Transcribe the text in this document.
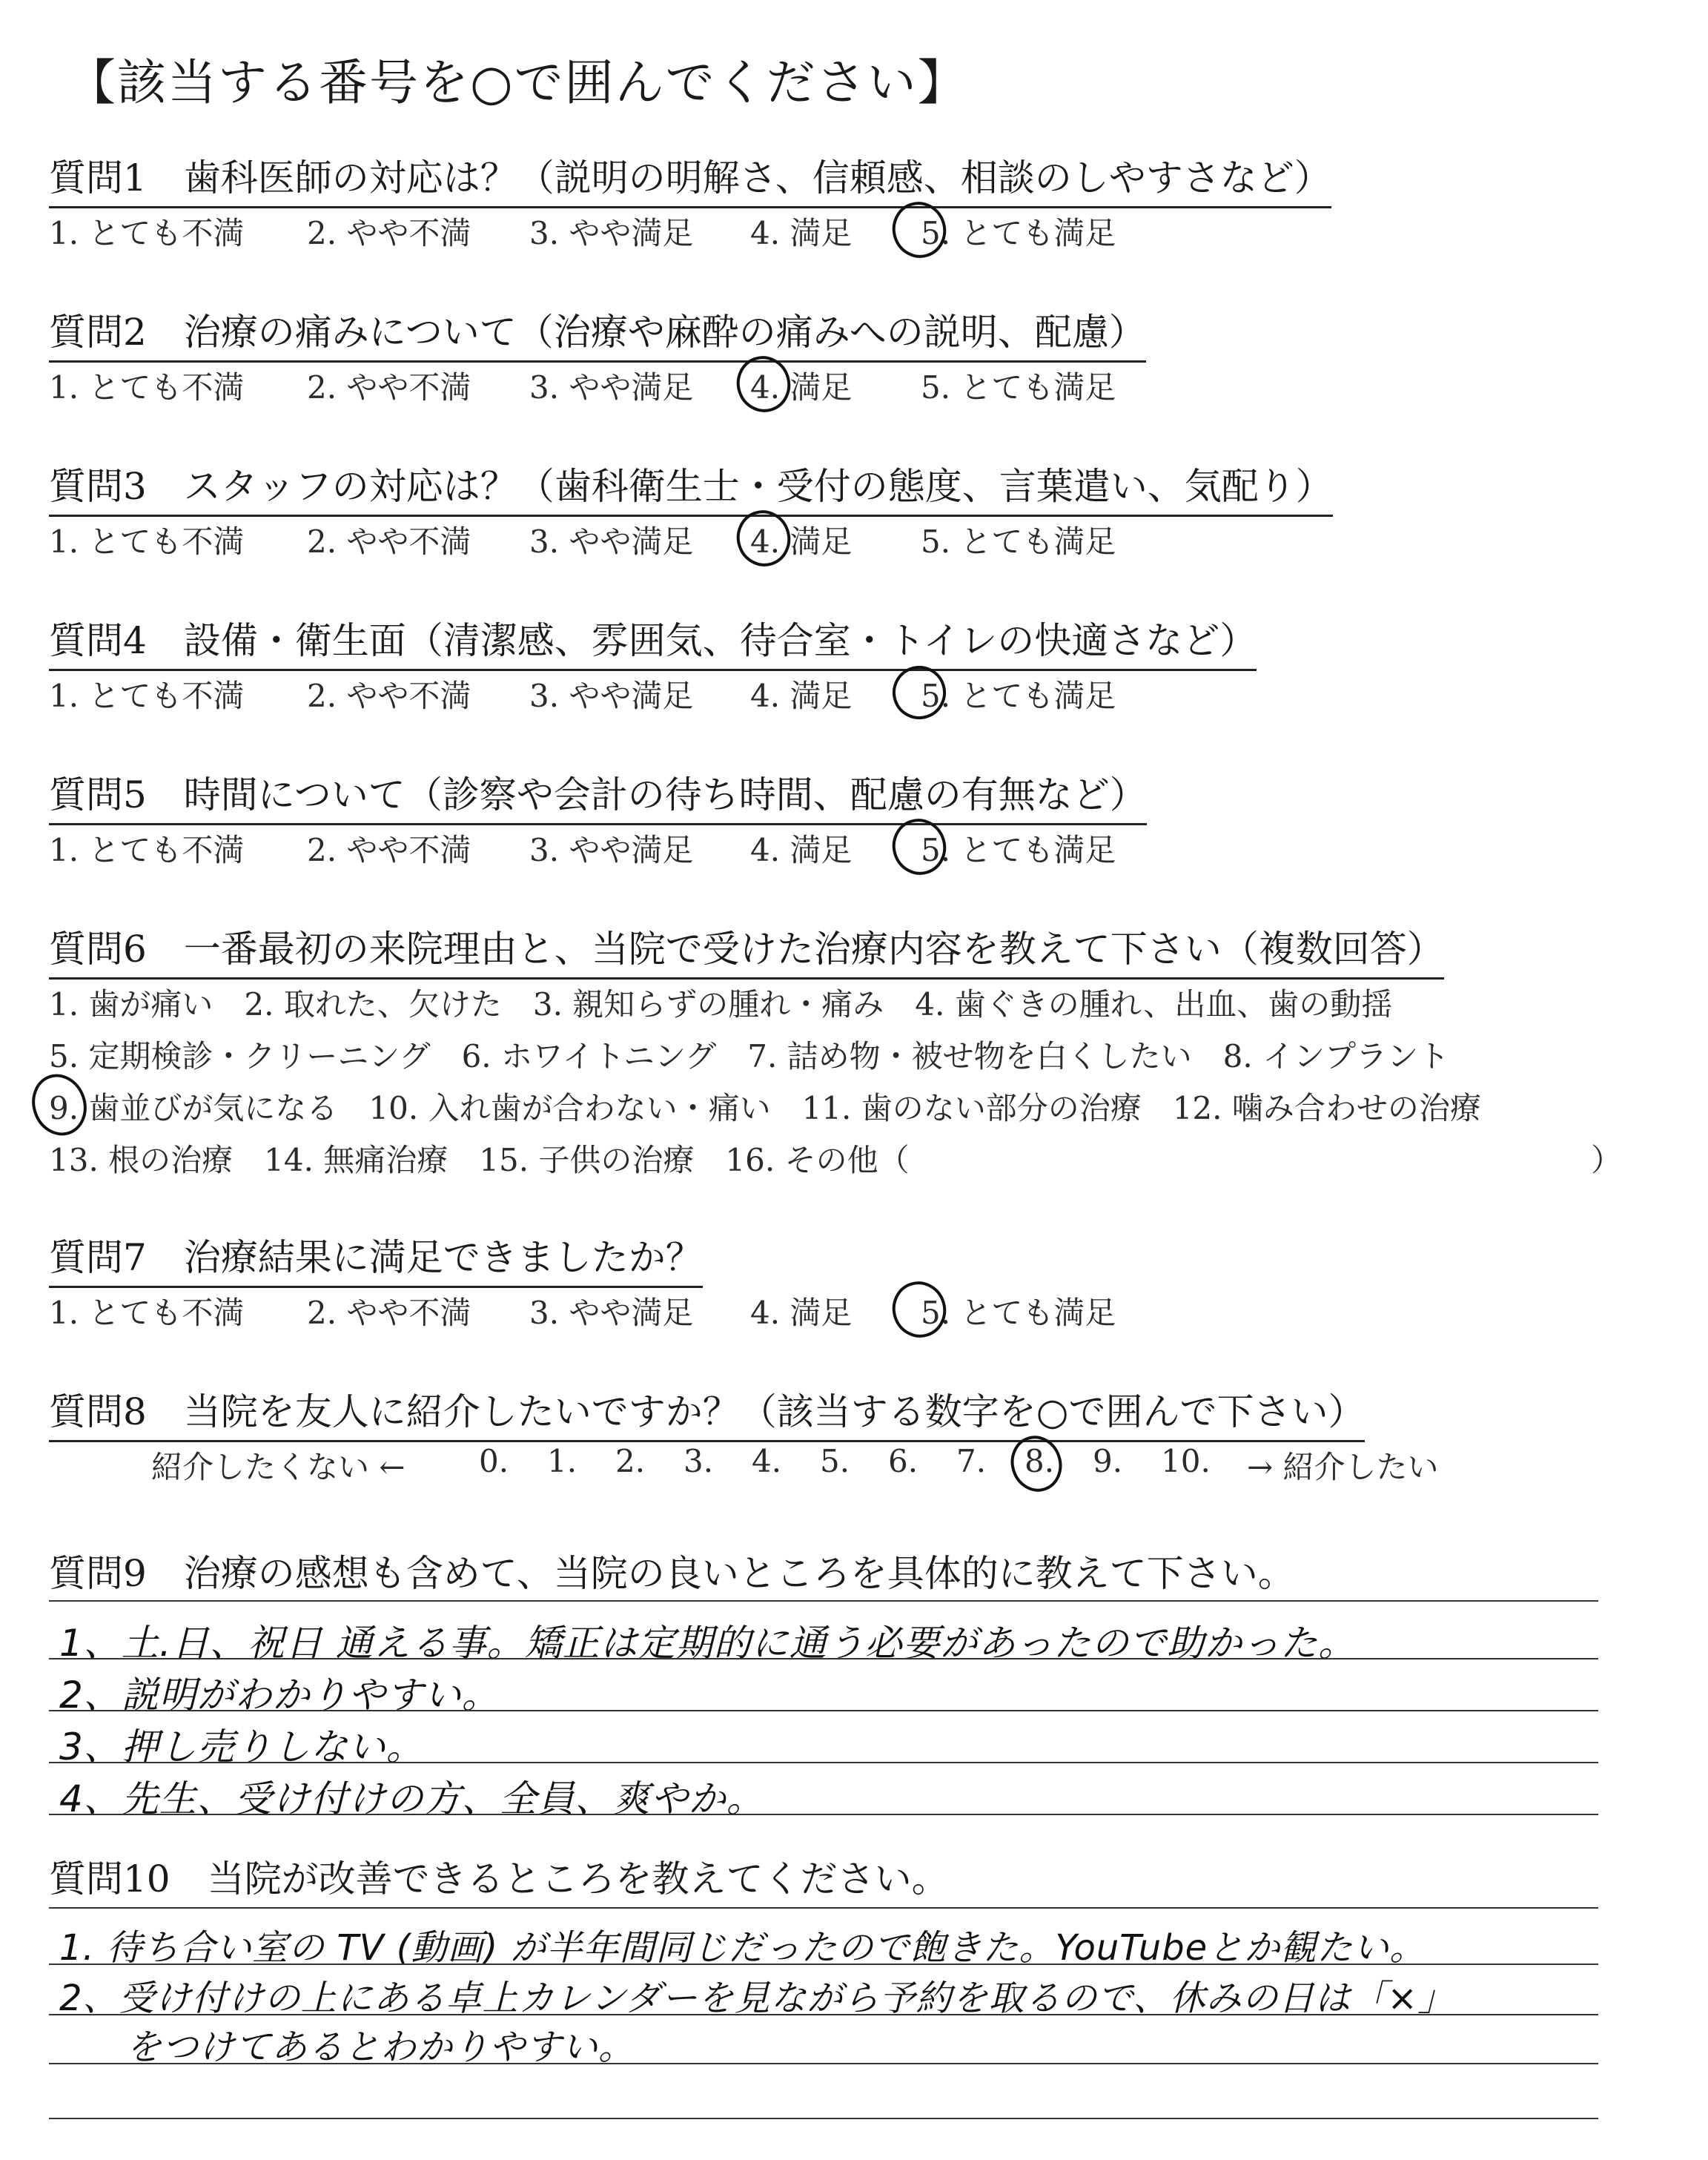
【該当する番号を○で囲んでください】
質問1　歯科医師の対応は？（説明の明解さ、信頼感、相談のしやすさなど）
1. とても不満 2. やや不満 3. やや満足 4. 満足 5. とても満足
質問2　治療の痛みについて（治療や麻酔の痛みへの説明、配慮）
1. とても不満 2. やや不満 3. やや満足 4. 満足 5. とても満足
質問3　スタッフの対応は？（歯科衛生士・受付の態度、言葉遣い、気配り）
1. とても不満 2. やや不満 3. やや満足 4. 満足 5. とても満足
質問4　設備・衛生面（清潔感、雰囲気、待合室・トイレの快適さなど）
1. とても不満 2. やや不満 3. やや満足 4. 満足 5. とても満足
質問5　時間について（診察や会計の待ち時間、配慮の有無など）
1. とても不満 2. やや不満 3. やや満足 4. 満足 5. とても満足
質問6　一番最初の来院理由と、当院で受けた治療内容を教えて下さい（複数回答）
1. 歯が痛い　2. 取れた、欠けた　3. 親知らずの腫れ・痛み　4. 歯ぐきの腫れ、出血、歯の動揺
5. 定期検診・クリーニング　6. ホワイトニング　7. 詰め物・被せ物を白くしたい　8. インプラント
9. 歯並びが気になる　10. 入れ歯が合わない・痛い　11. 歯のない部分の治療　12. 噛み合わせの治療
13. 根の治療　14. 無痛治療　15. 子供の治療　16. その他（	）
質問7　治療結果に満足できましたか？
1. とても不満 2. やや不満 3. やや満足 4. 満足 5. とても満足
質問8　当院を友人に紹介したいですか？（該当する数字を○で囲んで下さい）
紹介したくない ← 0. 1. 2. 3. 4. 5. 6. 7. 8. 9. 10. → 紹介したい
質問9　治療の感想も含めて、当院の良いところを具体的に教えて下さい。
1、土.日、祝日 通える事。矯正は定期的に通う必要があったので助かった。
2、説明がわかりやすい。
3、押し売りしない。
4、先生、受け付けの方、全員、爽やか。
質問10　当院が改善できるところを教えてください。
1. 待ち合い室の TV (動画) が半年間同じだったので飽きた。YouTubeとか観たい。
2、受け付けの上にある卓上カレンダーを見ながら予約を取るので、休みの日は「×」
をつけてあるとわかりやすい。
